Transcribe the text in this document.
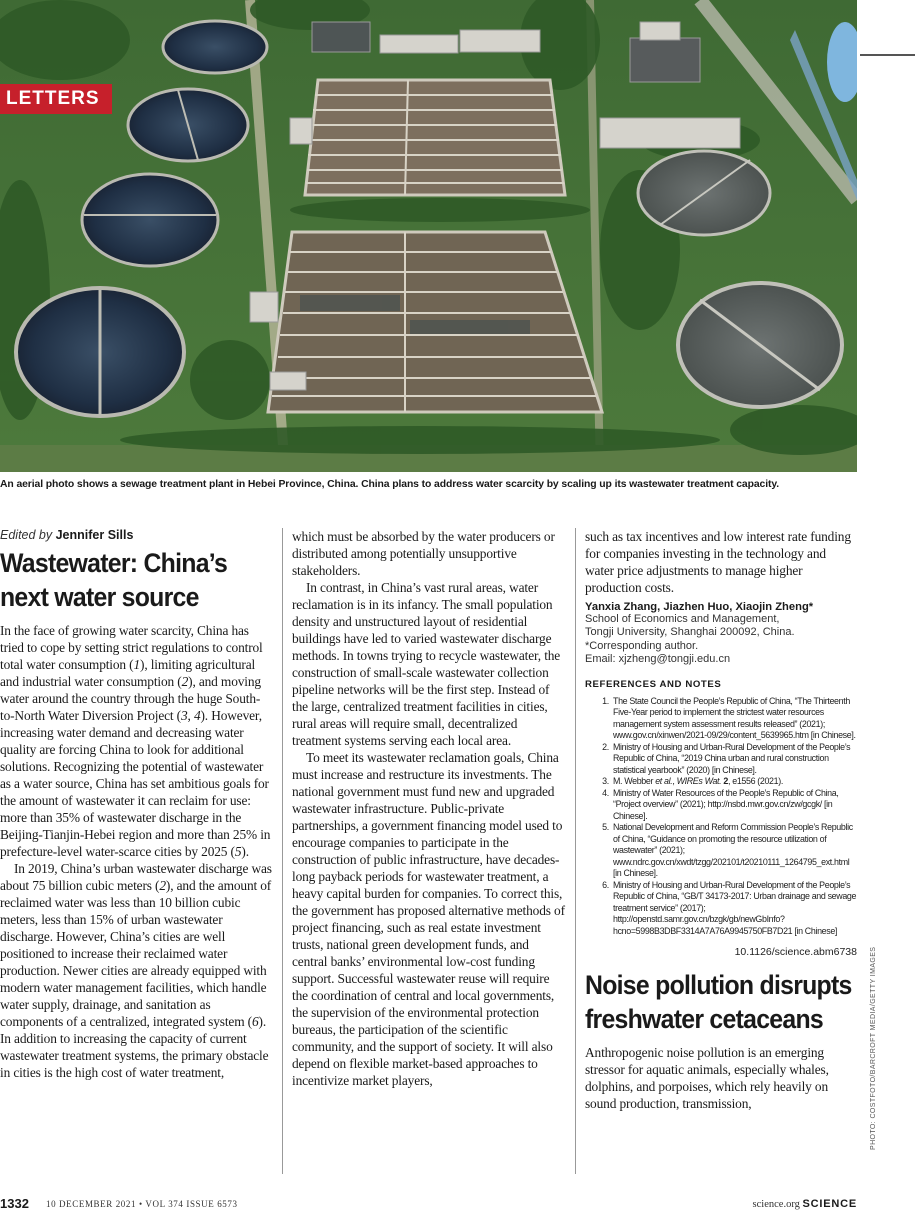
LETTERS
An aerial photo shows a sewage treatment plant in Hebei Province, China. China plans to address water scarcity by scaling up its wastewater treatment capacity.
PHOTO: COSTFOTO/BARCROFT MEDIA/GETTY IMAGES
Edited by Jennifer Sills
Wastewater: China’s next water source

In the face of growing water scarcity, China has tried to cope by setting strict regulations to control total water consumption (1), limiting agricultural and industrial water consumption (2), and moving water around the country through the huge South-to-North Water Diversion Project (3, 4). However, increasing water demand and decreasing water quality are forcing China to look for additional solutions. Recognizing the potential of wastewater as a water source, China has set ambitious goals for the amount of wastewater it can reclaim for use: more than 35% of wastewater discharge in the Beijing-Tianjin-Hebei region and more than 25% in prefecture-level water-scarce cities by 2025 (5).

In 2019, China’s urban wastewater discharge was about 75 billion cubic meters (2), and the amount of reclaimed water was less than 10 billion cubic meters, less than 15% of urban wastewater discharge. However, China’s cities are well positioned to increase their reclaimed water production. Newer cities are already equipped with modern water management facilities, which handle water supply, drainage, and sanitation as components of a centralized, integrated system (6). In addition to increasing the capacity of current wastewater treatment systems, the primary obstacle in cities is the high cost of water treatment,

which must be absorbed by the water producers or distributed among potentially unsupportive stakeholders.

In contrast, in China’s vast rural areas, water reclamation is in its infancy. The small population density and unstructured layout of residential buildings have led to varied wastewater discharge methods. In towns trying to recycle wastewater, the construction of small-scale wastewater collection pipeline networks will be the first step. Instead of the large, centralized treatment facilities in cities, rural areas will require small, decentralized treatment systems serving each local area.

To meet its wastewater reclamation goals, China must increase and restructure its investments. The national government must fund new and upgraded wastewater infrastructure. Public-private partnerships, a government financing model used to encourage companies to participate in the construction of public infrastructure, have decades-long payback periods for wastewater treatment, a heavy capital burden for companies. To correct this, the government has proposed alternative methods of project financing, such as real estate investment trusts, national green development funds, and central banks’ environmental low-cost funding support. Successful wastewater reuse will require the coordination of central and local governments, the supervision of the environmental protection bureaus, the participation of the scientific community, and the support of society. It will also depend on flexible market-based approaches to incentivize market players,

such as tax incentives and low interest rate funding for companies investing in the technology and water price adjustments to manage higher production costs.

Yanxia Zhang, Jiazhen Huo, Xiaojin Zheng*
School of Economics and Management,
Tongji University, Shanghai 200092, China.
*Corresponding author.
Email: xjzheng@tongji.edu.cn
REFERENCES AND NOTES
1. The State Council the People’s Republic of China, “The Thirteenth Five-Year period to implement the strictest water resources management system assessment results released” (2021); www.gov.cn/xinwen/2021-09/29/content_5639965.htm [in Chinese].
2. Ministry of Housing and Urban-Rural Development of the People’s Republic of China, “2019 China urban and rural construction statistical yearbook” (2020) [in Chinese].
3. M. Webber et al., WIREs Wat. 2, e1556 (2021).
4. Ministry of Water Resources of the People’s Republic of China, “Project overview” (2021); http://nsbd.mwr.gov.cn/zw/gcgk/ [in Chinese].
5. National Development and Reform Commission People’s Republic of China, “Guidance on promoting the resource utilization of wastewater” (2021); www.ndrc.gov.cn/xwdt/tzgg/202101/t20210111_1264795_ext.html [in Chinese].
6. Ministry of Housing and Urban-Rural Development of the People’s Republic of China, “GB/T 34173-2017: Urban drainage and sewage treatment service” (2017); http://openstd.samr.gov.cn/bzgk/gb/newGbInfo?hcno=5998B3DBF3314A7A76A9945750FB7D21 [in Chinese]
10.1126/science.abm6738
Noise pollution disrupts freshwater cetaceans

Anthropogenic noise pollution is an emerging stressor for aquatic animals, especially whales, dolphins, and porpoises, which rely heavily on sound production, transmission,

1332 10 DECEMBER 2021 • VOL 374 ISSUE 6573	science.org SCIENCE
